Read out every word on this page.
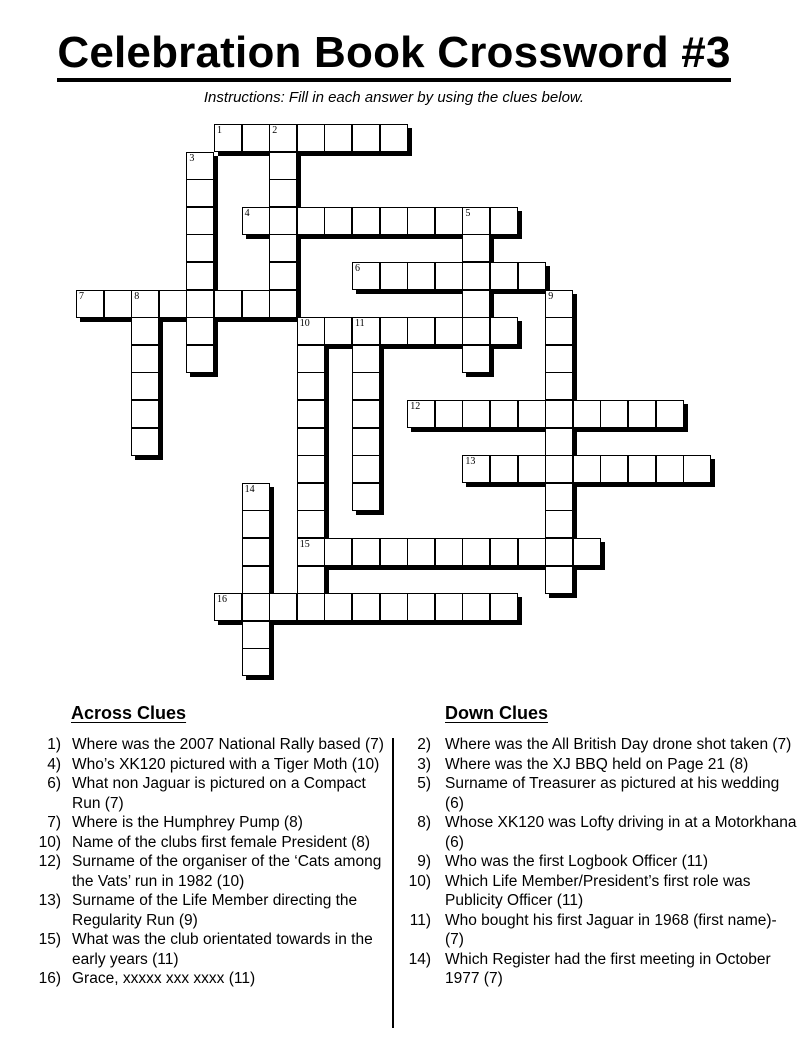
Celebration Book Crossword #3
Instructions: Fill in each answer by using the clues below.
1	2
3
4	5
6
7	8	9
10	11
15
12
13
14
16
Across Clues	Down Clues
1) Where was the 2007 National Rally based (7)
4) Who’s XK120 pictured with a Tiger Moth (10)
6) What non Jaguar is pictured on a Compact Run (7)
7) Where is the Humphrey Pump (8)
10) Name of the clubs first female President (8)
12) Surname of the organiser of the ‘Cats among the Vats’ run in 1982 (10)
13) Surname of the Life Member directing the Regularity Run (9)
15) What was the club orientated towards in the early years (11)
16) Grace, xxxxx xxx xxxx (11)
2) Where was the All British Day drone shot taken (7)
3) Where was the XJ BBQ held on Page 21 (8)
5) Surname of Treasurer as pictured at his wedding (6)
8) Whose XK120 was Lofty driving in at a Motorkhana (6)
9) Who was the first Logbook Officer (11)
10) Which Life Member/President’s first role was Publicity Officer (11)
11) Who bought his first Jaguar in 1968 (first name)- (7)
14) Which Register had the first meeting in October 1977 (7)
